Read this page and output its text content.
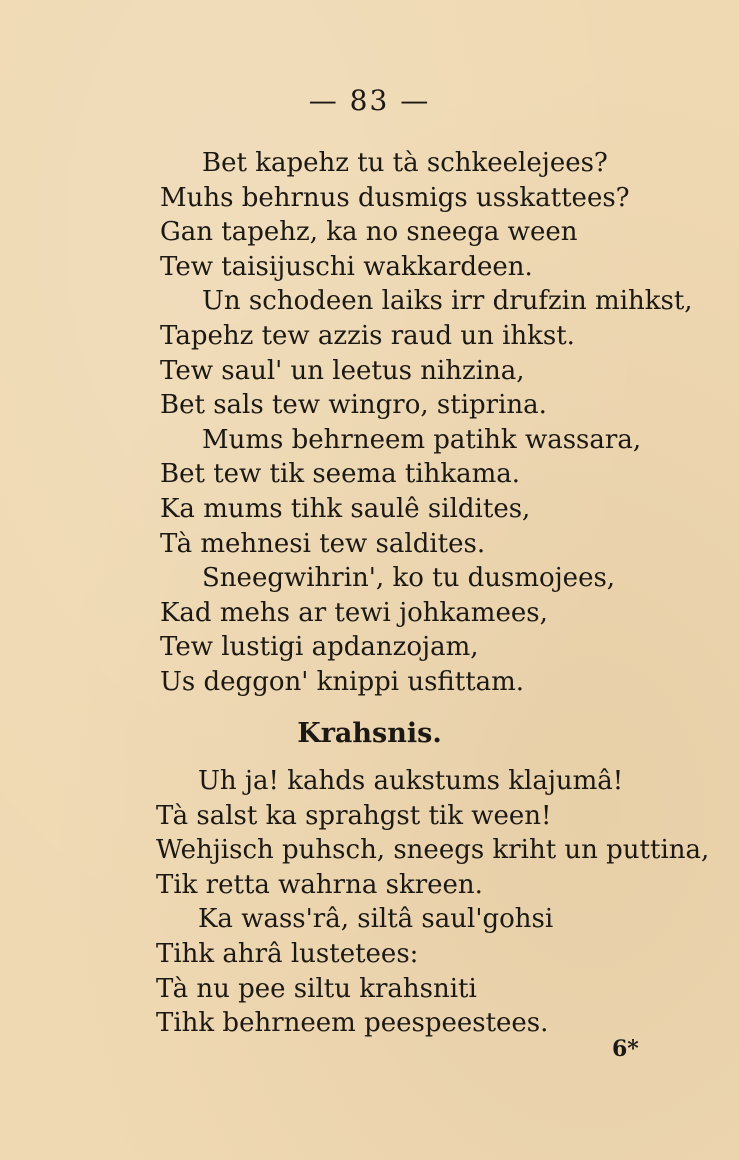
— 83 —
Bet kapehz tu tà schkeelejees?
Muhs behrnus dusmigs usskattees?
Gan tapehz, ka no sneega ween
Tew taisijuschi wakkardeen.
Un schodeen laiks irr drufzin mihkst,
Tapehz tew azzis raud un ihkst.
Tew saul' un leetus nihzina,
Bet sals tew wingro, stiprina.
Mums behrneem patihk wassara,
Bet tew tik seema tihkama.
Ka mums tihk saulê sildites,
Tà mehnesi tew saldites.
Sneegwihrin', ko tu dusmojees,
Kad mehs ar tewi johkamees,
Tew lustigi apdanzojam,
Us deggon' knippi usfittam.
Krahsnis.
Uh ja! kahds aukstums klajumâ!
Tà salst ka sprahgst tik ween!
Wehjisch puhsch, sneegs kriht un puttina,
Tik retta wahrna skreen.
Ka wass'râ, siltâ saul'gohsi
Tihk ahrâ lustetees:
Tà nu pee siltu krahsniti
Tihk behrneem peespeestees.
6*
